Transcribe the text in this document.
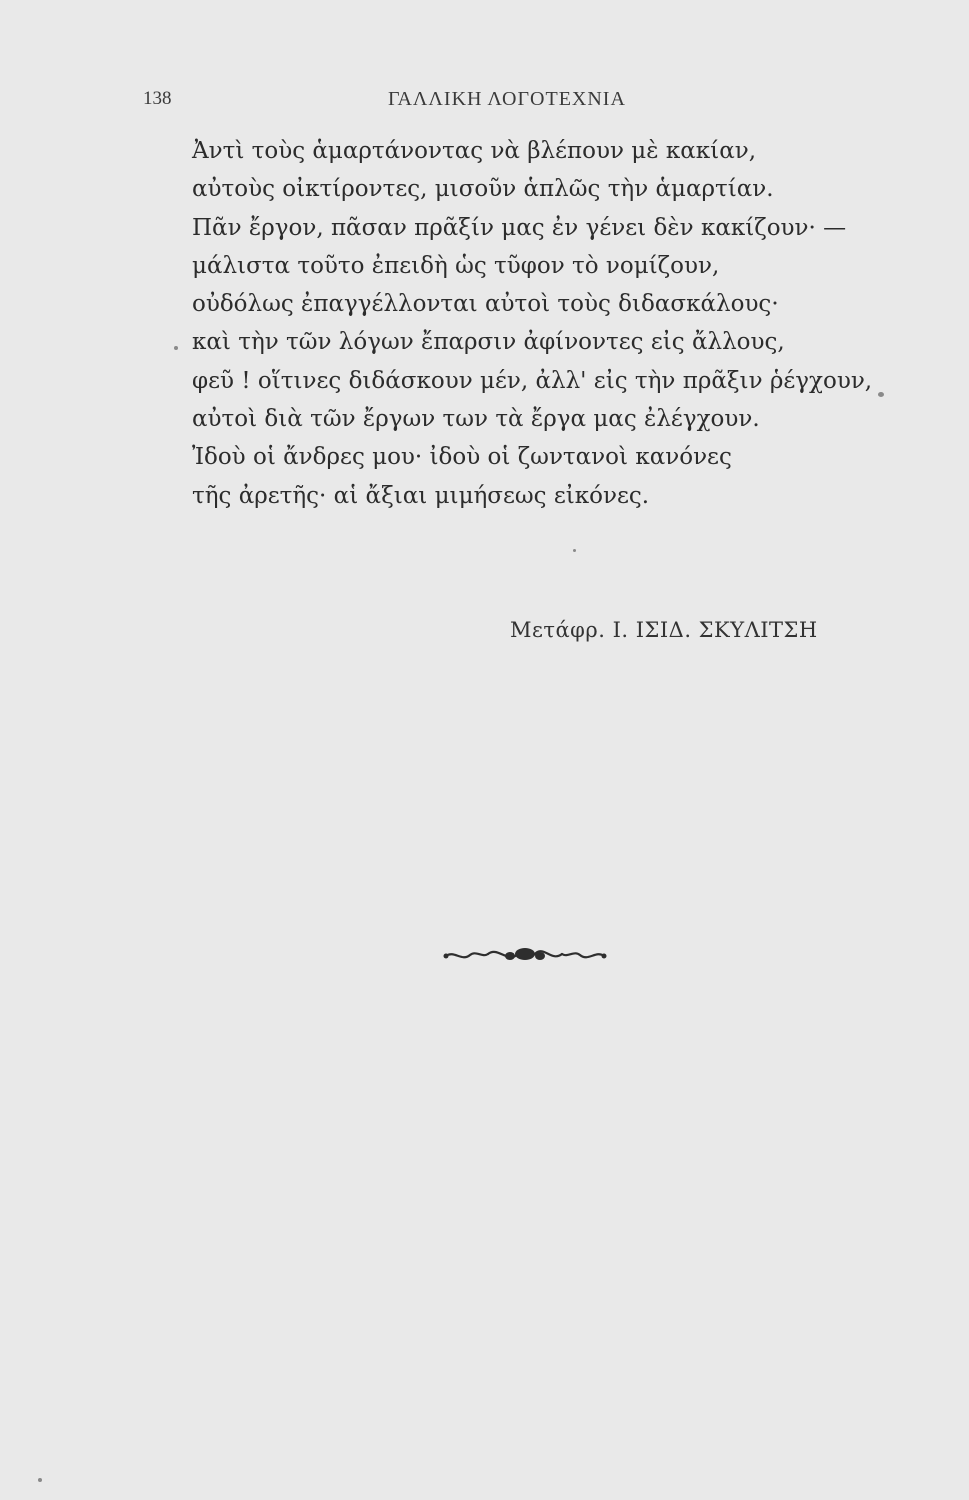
138	ΓΑΛΛΙΚΗ ΛΟΓΟΤΕΧΝΙΑ
Ἀντὶ τοὺς ἁμαρτάνοντας νὰ βλέπουν μὲ κακίαν,
αὐτοὺς οἰκτίροντες, μισοῦν ἁπλῶς τὴν ἁμαρτίαν.
Πᾶν ἔργον, πᾶσαν πρᾶξίν μας ἐν γένει δὲν κακίζουν· —
μάλιστα τοῦτο ἐπειδὴ ὡς τῦφον τὸ νομίζουν,
οὐδόλως ἐπαγγέλλονται αὐτοὶ τοὺς διδασκάλους·
καὶ τὴν τῶν λόγων ἔπαρσιν ἀφίνοντες εἰς ἄλλους,
φεῦ ! οἵτινες διδάσκουν μέν, ἀλλ' εἰς τὴν πρᾶξιν ῥέγχουν,
αὐτοὶ διὰ τῶν ἔργων των τὰ ἔργα μας ἐλέγχουν.
Ἰδοὺ οἱ ἄνδρες μου· ἰδοὺ οἱ ζωντανοὶ κανόνες
τῆς ἀρετῆς· αἱ ἄξιαι μιμήσεως εἰκόνες.
Μετάφρ. Ι. ΙΣΙΔ. ΣΚΥΛΙΤΣΗ
